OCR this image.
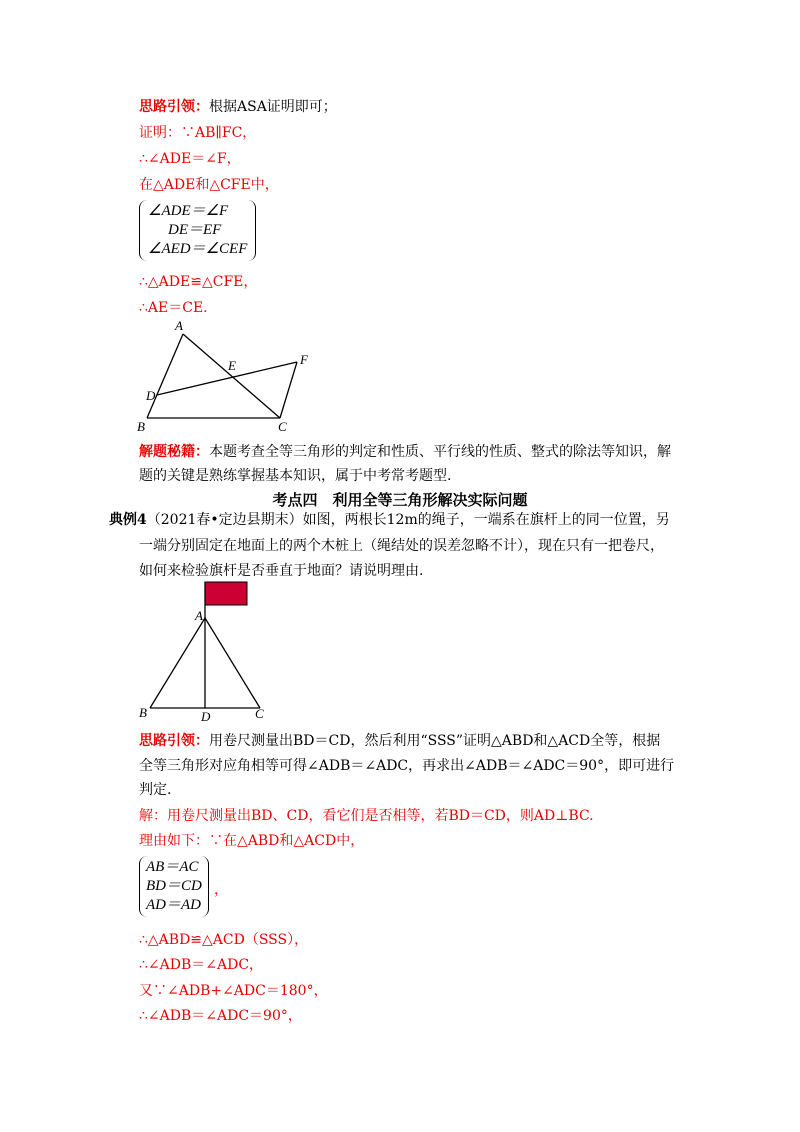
思路引领：根据ASA证明即可；
证明：∵AB∥FC，
∴∠ADE＝∠F，
在△ADE和△CFE中，
∠ADE＝∠F
DE＝EF
∠AED＝∠CEF
∴△ADE≌△CFE，
∴AE＝CE.
A
B	C
D
E	F
解题秘籍：本题考查全等三角形的判定和性质、平行线的性质、整式的除法等知识，解
题的关键是熟练掌握基本知识，属于中考常考题型.
考点四　利用全等三角形解决实际问题
典例4（2021春•定边县期末）如图，两根长12m的绳子，一端系在旗杆上的同一位置，另
一端分别固定在地面上的两个木桩上（绳结处的误差忽略不计），现在只有一把卷尺，
如何来检验旗杆是否垂直于地面？请说明理由.
A
B	D	C
思路引领：用卷尺测量出BD＝CD，然后利用“SSS”证明△ABD和△ACD全等，根据
全等三角形对应角相等可得∠ADB＝∠ADC，再求出∠ADB＝∠ADC＝90°，即可进行
判定.
解：用卷尺测量出BD、CD，看它们是否相等，若BD＝CD，则AD⊥BC.
理由如下：∵在△ABD和△ACD中，
AB＝AC
BD＝CD
AD＝AD
，
∴△ABD≌△ACD（SSS），
∴∠ADB＝∠ADC，
又∵∠ADB+∠ADC＝180°，
∴∠ADB＝∠ADC＝90°，
